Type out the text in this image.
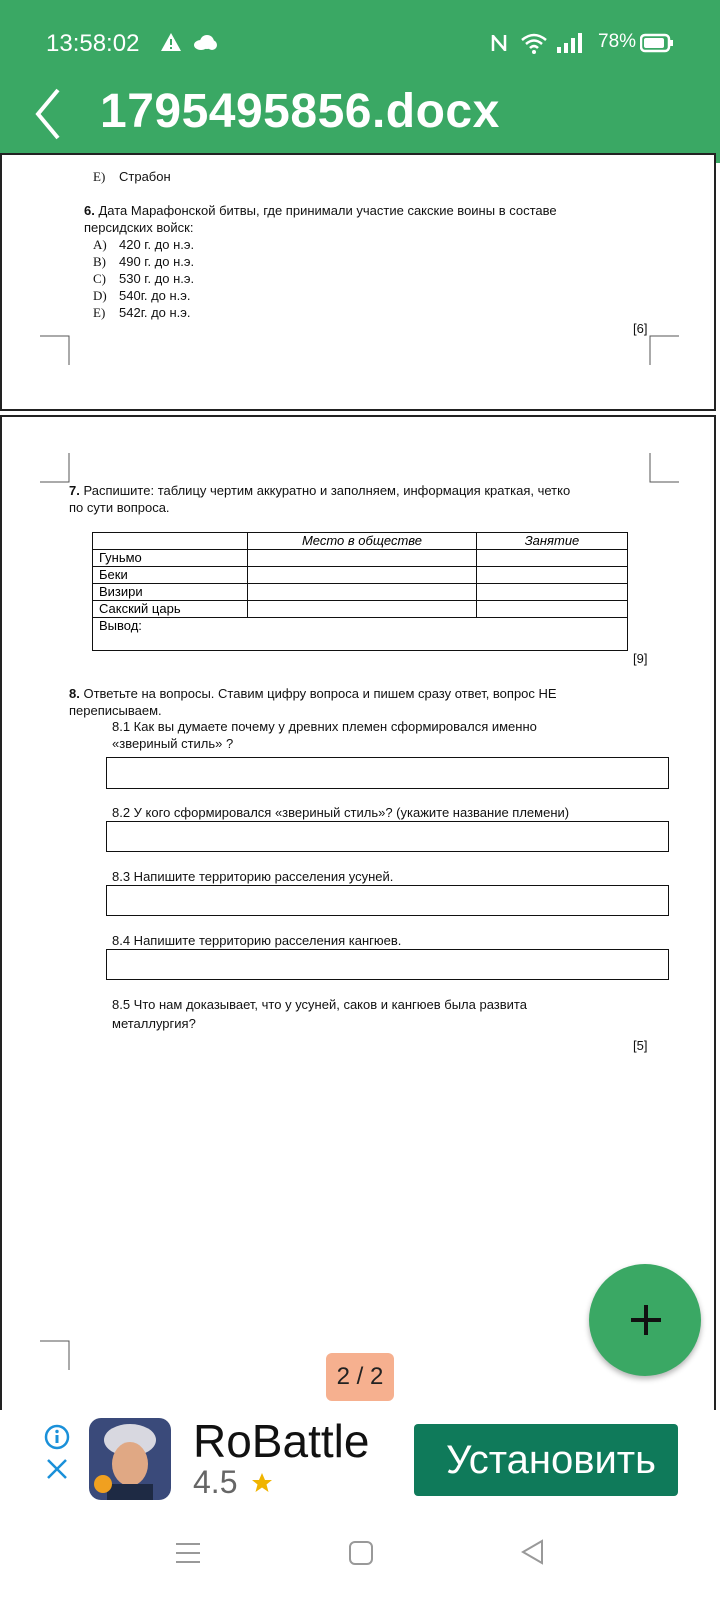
13:58:02	78%
1795495856.docx
E) Страбон
6. Дата Марафонской битвы, где принимали участие сакские воины в составе
персидских войск:
A) 420 г. до н.э.
B) 490 г. до н.э.
C) 530 г. до н.э.
D) 540г. до н.э.
E) 542г. до н.э.
[6]
7. Распишите: таблицу чертим аккуратно и заполняем, информация краткая, четко
по сути вопроса.
	Место в обществе	Занятие
Гуньмо		
Беки		
Визири		
Сакский царь		
Вывод:		
[9]
8. Ответьте на вопросы. Ставим цифру вопроса и пишем сразу ответ, вопрос НЕ
переписываем.
8.1 Как вы думаете почему у древних племен сформировался именно
«звериный стиль» ?
8.2 У кого сформировался «звериный стиль»? (укажите название племени)
8.3 Напишите территорию расселения усуней.
8.4 Напишите территорию расселения кангюев.
8.5 Что нам доказывает, что у усуней, саков и кангюев была развита
металлургия?
[5]
2 / 2
RoBattle
4.5	Установить
